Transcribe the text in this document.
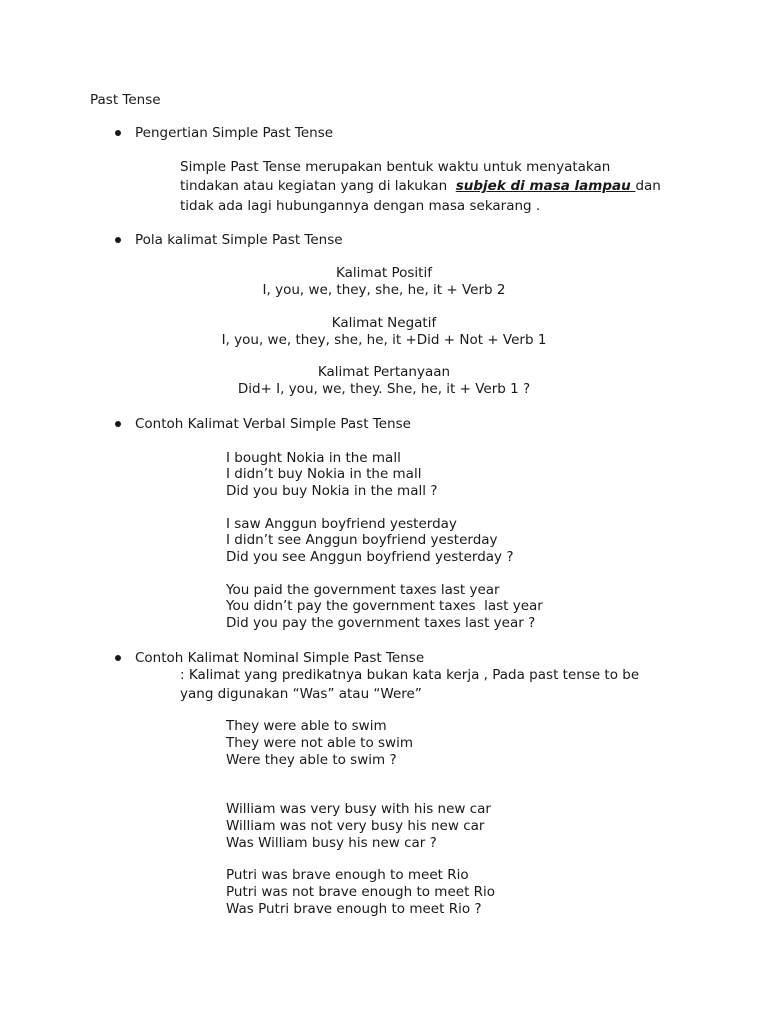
Past Tense
Pengertian Simple Past Tense
Simple Past Tense merupakan bentuk waktu untuk menyatakan
tindakan atau kegiatan yang di lakukan  subjek di masa lampau dan
tidak ada lagi hubungannya dengan masa sekarang .
Pola kalimat Simple Past Tense
Kalimat Positif
I, you, we, they, she, he, it + Verb 2
Kalimat Negatif
I, you, we, they, she, he, it +Did + Not + Verb 1
Kalimat Pertanyaan
Did+ I, you, we, they. She, he, it + Verb 1 ?
Contoh Kalimat Verbal Simple Past Tense
I bought Nokia in the mall
I didn’t buy Nokia in the mall
Did you buy Nokia in the mall ?
I saw Anggun boyfriend yesterday
I didn’t see Anggun boyfriend yesterday
Did you see Anggun boyfriend yesterday ?
You paid the government taxes last year
You didn’t pay the government taxes  last year
Did you pay the government taxes last year ?
Contoh Kalimat Nominal Simple Past Tense
: Kalimat yang predikatnya bukan kata kerja , Pada past tense to be
yang digunakan “Was” atau “Were”
They were able to swim
They were not able to swim
Were they able to swim ?
William was very busy with his new car
William was not very busy his new car
Was William busy his new car ?
Putri was brave enough to meet Rio
Putri was not brave enough to meet Rio
Was Putri brave enough to meet Rio ?
